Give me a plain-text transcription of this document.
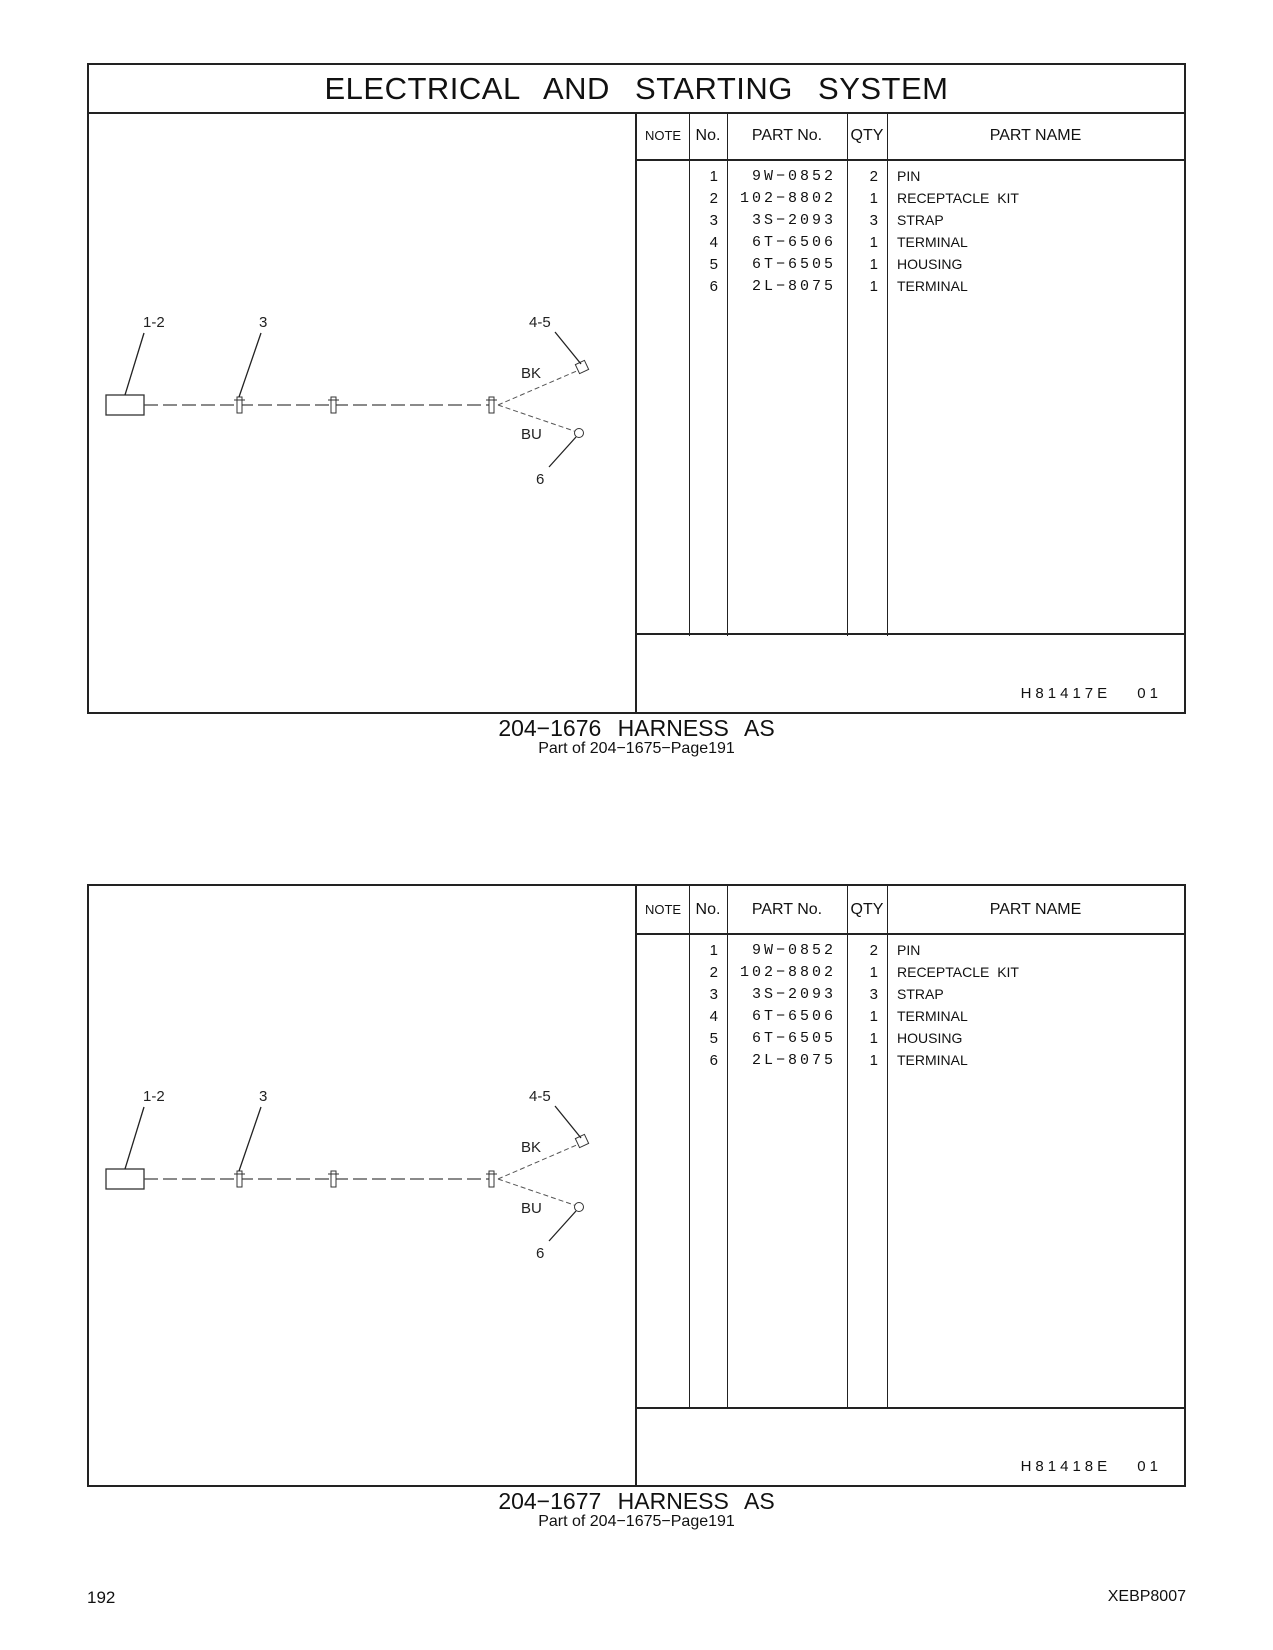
ELECTRICAL AND STARTING SYSTEM
1-2	3	4-5
BK
BU
6
NOTE No.	PART No.	QTY	PART NAME
1	9W−0852	2 PIN
2	102−8802	1 RECEPTACLE KIT
3	3S−2093	3 STRAP
4	6T−6506	1 TERMINAL
5	6T−6505	1 HOUSING
6	2L−8075	1 TERMINAL
H81417E 01
204−1676 HARNESS AS
Part of 204−1675−Page191
1-2	3	4-5
BK
BU
6
NOTE No.	PART No.	QTY	PART NAME
1	9W−0852	2 PIN
2	102−8802	1 RECEPTACLE KIT
3	3S−2093	3 STRAP
4	6T−6506	1 TERMINAL
5	6T−6505	1 HOUSING
6	2L−8075	1 TERMINAL
H81418E 01
204−1677 HARNESS AS
Part of 204−1675−Page191
192	XEBP8007
